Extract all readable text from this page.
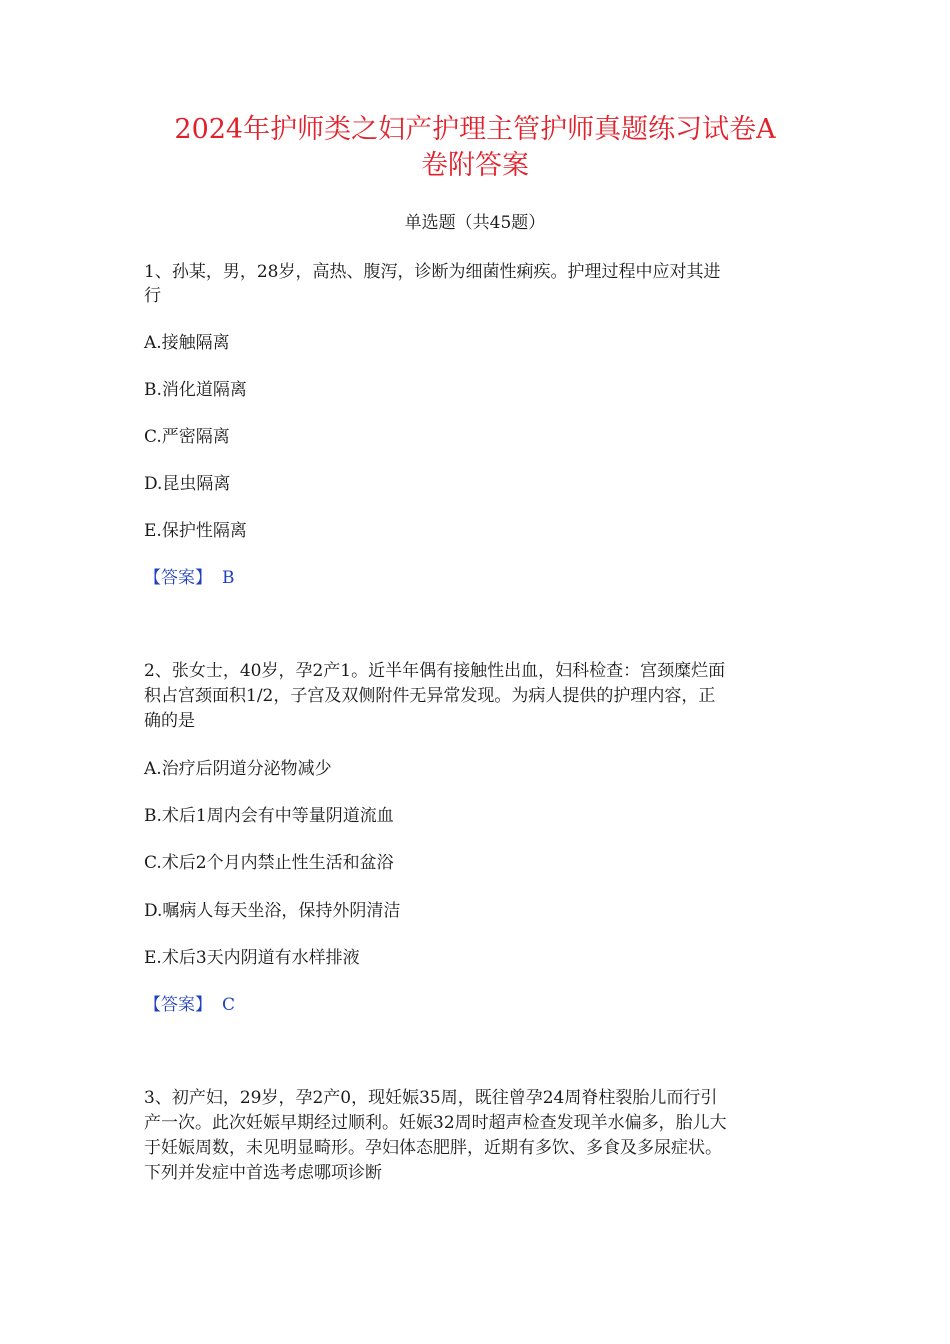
2024年护师类之妇产护理主管护师真题练习试卷A
卷附答案
单选题（共45题）
1、孙某，男，28岁，高热、腹泻，诊断为细菌性痢疾。护理过程中应对其进
行
A.接触隔离
B.消化道隔离
C.严密隔离
D.昆虫隔离
E.保护性隔离
【答案】 B
2、张女士，40岁，孕2产1。近半年偶有接触性出血，妇科检查：宫颈糜烂面
积占宫颈面积1/2，子宫及双侧附件无异常发现。为病人提供的护理内容，正
确的是
A.治疗后阴道分泌物减少
B.术后1周内会有中等量阴道流血
C.术后2个月内禁止性生活和盆浴
D.嘱病人每天坐浴，保持外阴清洁
E.术后3天内阴道有水样排液
【答案】 C
3、初产妇，29岁，孕2产0，现妊娠35周，既往曾孕24周脊柱裂胎儿而行引
产一次。此次妊娠早期经过顺利。妊娠32周时超声检查发现羊水偏多，胎儿大
于妊娠周数，未见明显畸形。孕妇体态肥胖，近期有多饮、多食及多尿症状。
下列并发症中首选考虑哪项诊断
